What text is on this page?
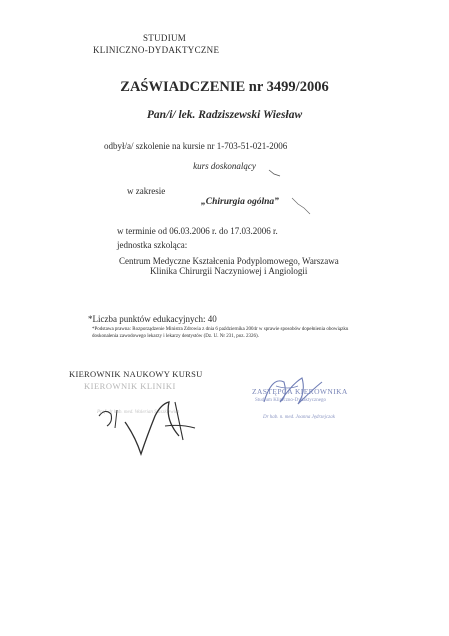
STUDIUM
KLINICZNO-DYDAKTYCZNE
ZAŚWIADCZENIE nr 3499/2006
Pan/i/ lek. Radziszewski Wiesław
odbył/a/ szkolenie na kursie nr 1-703-51-021-2006
kurs doskonalący
w zakresie
„Chirurgia ogólna”
w terminie od 06.03.2006 r. do 17.03.2006 r.
jednostka szkoląca:
Centrum Medyczne Kształcenia Podyplomowego, Warszawa
Klinika Chirurgii Naczyniowej i Angiologii
*Liczba punktów edukacyjnych: 40
*Podstawa prawna: Rozporządzenie Ministra Zdrowia z dnia 6 października 2004r w sprawie sposobów dopełnienia obowiązku doskonalenia zawodowego lekarzy i lekarzy dentystów (Dz. U. Nr 231, poz. 2326).
KIEROWNIK NAUKOWY KURSU
KIEROWNIK KLINIKI
Prof. dr hab. med. Walerian Staszkiewicz
ZASTĘPCA KIEROWNIKA
Studium Kliniczno-Dydaktycznego
Dr hab. n. med. Joanna Jędrzejczak
